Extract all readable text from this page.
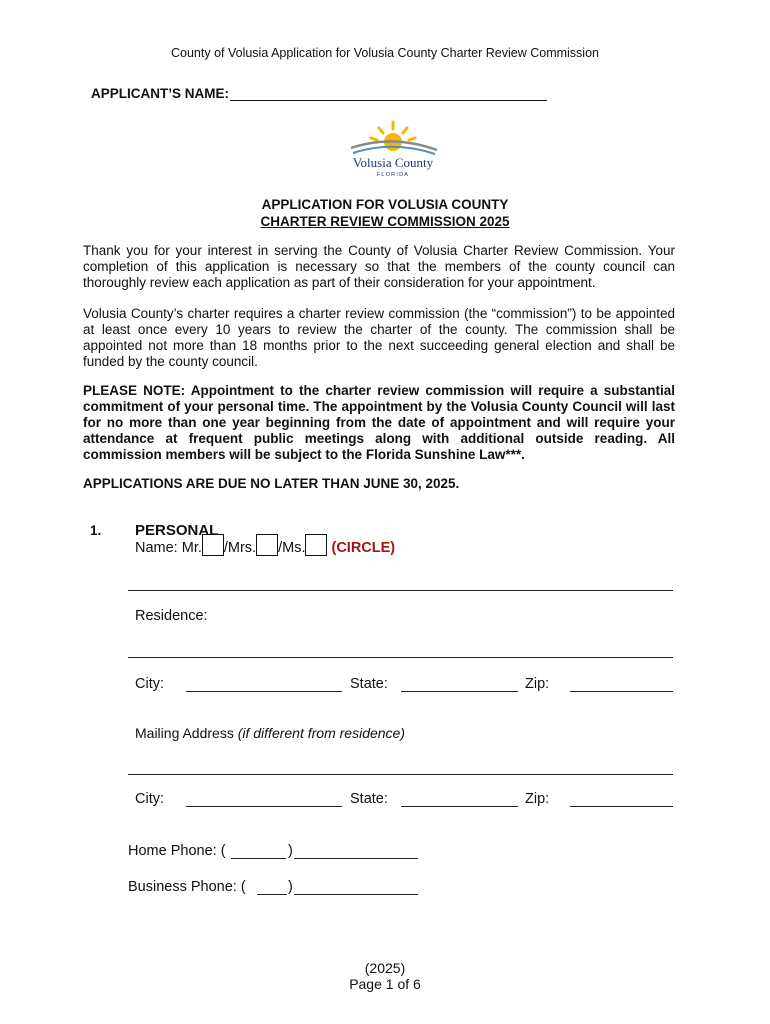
County of Volusia Application for Volusia County Charter Review Commission
APPLICANT’S NAME:
Volusia County
FLORIDA
APPLICATION FOR VOLUSIA COUNTY
CHARTER REVIEW COMMISSION 2025
Thank you for your interest in serving the County of Volusia Charter Review Commission. Your completion of this application is necessary so that the members of the county council can thoroughly review each application as part of their consideration for your appointment.
Volusia County’s charter requires a charter review commission (the “commission”) to be appointed at least once every 10 years to review the charter of the county. The commission shall be appointed not more than 18 months prior to the next succeeding general election and shall be funded by the county council.
PLEASE NOTE: Appointment to the charter review commission will require a substantial commitment of your personal time. The appointment by the Volusia County Council will last for no more than one year beginning from the date of appointment and will require your attendance at frequent public meetings along with additional outside reading. All commission members will be subject to the Florida Sunshine Law***.
APPLICATIONS ARE DUE NO LATER THAN JUNE 30, 2025.
1. PERSONAL
Name: Mr. /Mrs. /Ms. (CIRCLE)
Residence:
City:	State:	Zip:
Mailing Address (if different from residence)
City:	State:	Zip:
Home Phone: (	)
Business Phone: (	)
(2025)
Page 1 of 6
